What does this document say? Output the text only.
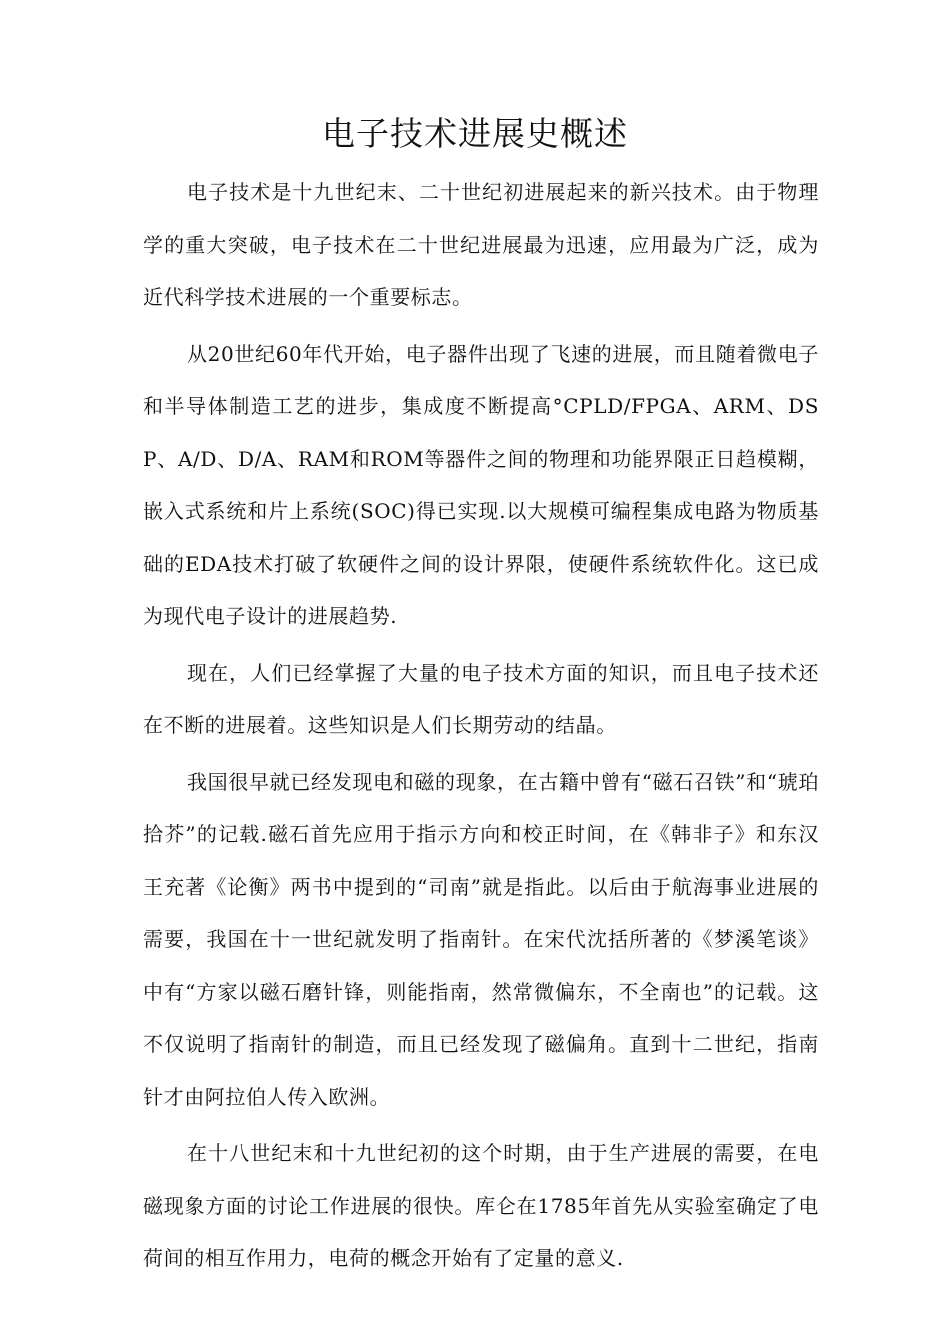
电子技术进展史概述

电子技术是十九世纪末、二十世纪初进展起来的新兴技术。由于物理学的重大突破，电子技术在二十世纪进展最为迅速，应用最为广泛，成为近代科学技术进展的一个重要标志。

从20世纪60年代开始，电子器件出现了飞速的进展，而且随着微电子和半导体制造工艺的进步，集成度不断提高°CPLD/FPGA、ARM、DSP、A/D、D/A、RAM和ROM等器件之间的物理和功能界限正日趋模糊，嵌入式系统和片上系统(SOC)得已实现.以大规模可编程集成电路为物质基础的EDA技术打破了软硬件之间的设计界限，使硬件系统软件化。这已成为现代电子设计的进展趋势.

现在，人们已经掌握了大量的电子技术方面的知识，而且电子技术还在不断的进展着。这些知识是人们长期劳动的结晶。

我国很早就已经发现电和磁的现象，在古籍中曾有“磁石召铁”和“琥珀拾芥”的记载.磁石首先应用于指示方向和校正时间，在《韩非子》和东汉王充著《论衡》两书中提到的“司南”就是指此。以后由于航海事业进展的需要，我国在十一世纪就发明了指南针。在宋代沈括所著的《梦溪笔谈》中有“方家以磁石磨针锋，则能指南，然常微偏东，不全南也”的记载。这不仅说明了指南针的制造，而且已经发现了磁偏角。直到十二世纪，指南针才由阿拉伯人传入欧洲。

在十八世纪末和十九世纪初的这个时期，由于生产进展的需要，在电磁现象方面的讨论工作进展的很快。库仑在1785年首先从实验室确定了电荷间的相互作用力，电荷的概念开始有了定量的意义.
